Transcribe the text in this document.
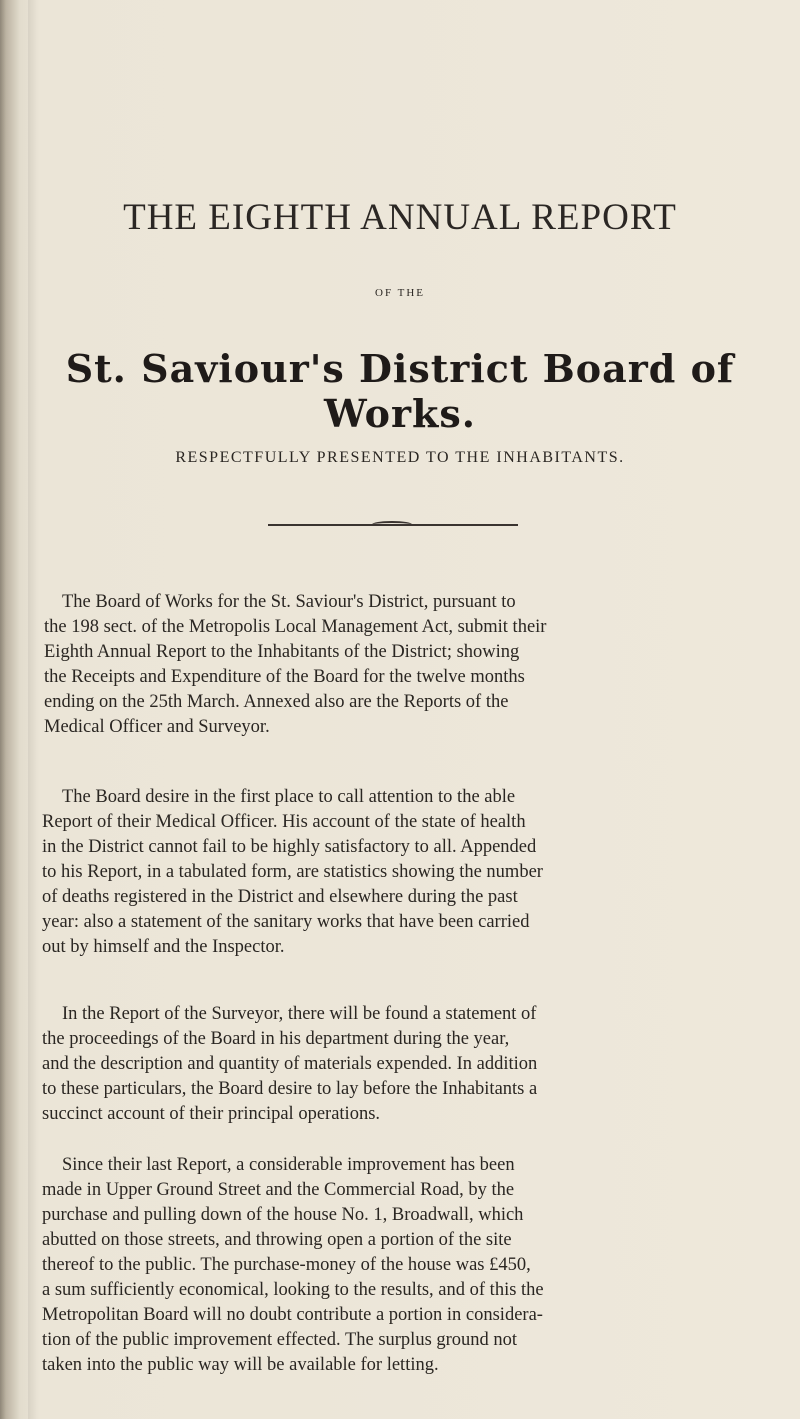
THE EIGHTH ANNUAL REPORT
OF THE
St. Saviour's District Board of Works.
RESPECTFULLY PRESENTED TO THE INHABITANTS.
The Board of Works for the St. Saviour's District, pursuant to
the 198 sect. of the Metropolis Local Management Act, submit their
Eighth Annual Report to the Inhabitants of the District; showing
the Receipts and Expenditure of the Board for the twelve months
ending on the 25th March. Annexed also are the Reports of the
Medical Officer and Surveyor.
The Board desire in the first place to call attention to the able
Report of their Medical Officer. His account of the state of health
in the District cannot fail to be highly satisfactory to all. Appended
to his Report, in a tabulated form, are statistics showing the number
of deaths registered in the District and elsewhere during the past
year: also a statement of the sanitary works that have been carried
out by himself and the Inspector.
In the Report of the Surveyor, there will be found a statement of
the proceedings of the Board in his department during the year,
and the description and quantity of materials expended. In addition
to these particulars, the Board desire to lay before the Inhabitants a
succinct account of their principal operations.
Since their last Report, a considerable improvement has been
made in Upper Ground Street and the Commercial Road, by the
purchase and pulling down of the house No. 1, Broadwall, which
abutted on those streets, and throwing open a portion of the site
thereof to the public. The purchase-money of the house was £450,
a sum sufficiently economical, looking to the results, and of this the
Metropolitan Board will no doubt contribute a portion in considera-
tion of the public improvement effected. The surplus ground not
taken into the public way will be available for letting.
